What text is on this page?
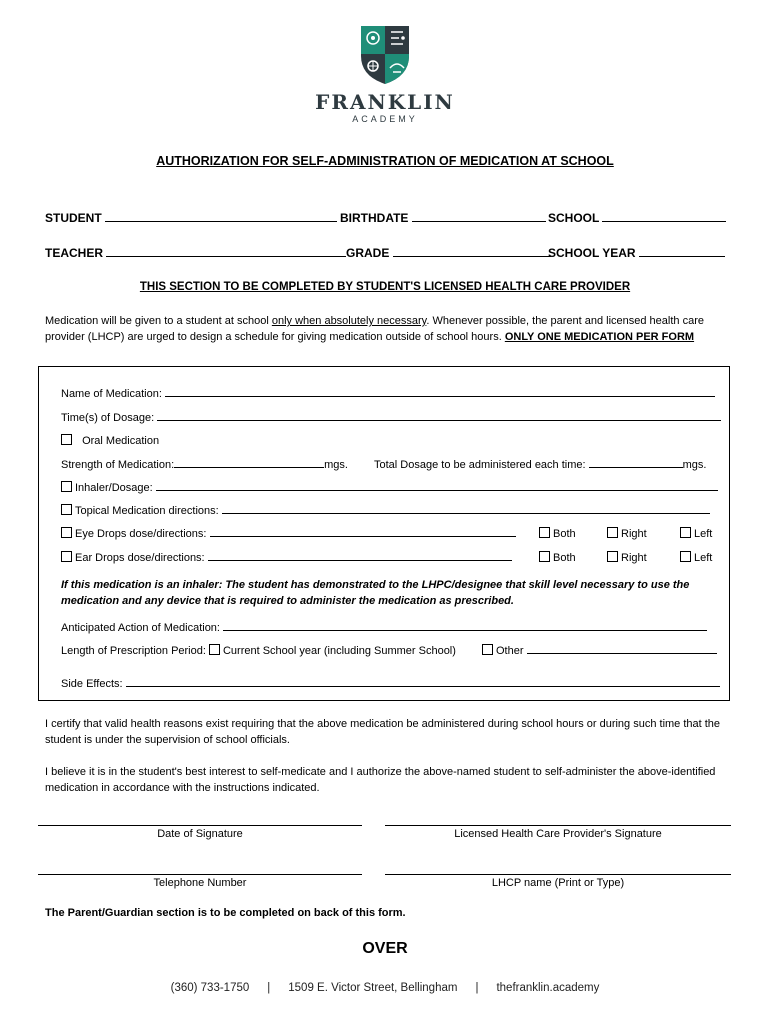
FRANKLIN
ACADEMY
AUTHORIZATION FOR SELF-ADMINISTRATION OF MEDICATION AT SCHOOL
STUDENT	BIRTHDATE	SCHOOL
TEACHER	GRADE	SCHOOL YEAR
THIS SECTION TO BE COMPLETED BY STUDENT'S LICENSED HEALTH CARE PROVIDER
Medication will be given to a student at school only when absolutely necessary. Whenever possible, the parent and licensed health care provider (LHCP) are urged to design a schedule for giving medication outside of school hours. ONLY ONE MEDICATION PER FORM
Name of Medication:
Time(s) of Dosage:
Oral Medication
Strength of Medication:	mgs. Total Dosage to be administered each time:	mgs.
Inhaler/Dosage:
Topical Medication directions:
Eye Drops dose/directions:	Both	Right	Left
Ear Drops dose/directions:	Both	Right	Left
If this medication is an inhaler: The student has demonstrated to the LHPC/designee that skill level necessary to use the medication and any device that is required to administer the medication as prescribed.
Anticipated Action of Medication:
Length of Prescription Period: Current School year (including Summer School)	Other
Side Effects:
I certify that valid health reasons exist requiring that the above medication be administered during school hours or during such time that the student is under the supervision of school officials.
I believe it is in the student's best interest to self-medicate and I authorize the above-named student to self-administer the above-identified medication in accordance with the instructions indicated.
Date of Signature	Licensed Health Care Provider's Signature
Telephone Number	LHCP name (Print or Type)
The Parent/Guardian section is to be completed on back of this form.
OVER
(360) 733-1750 | 1509 E. Victor Street, Bellingham | thefranklin.academy
